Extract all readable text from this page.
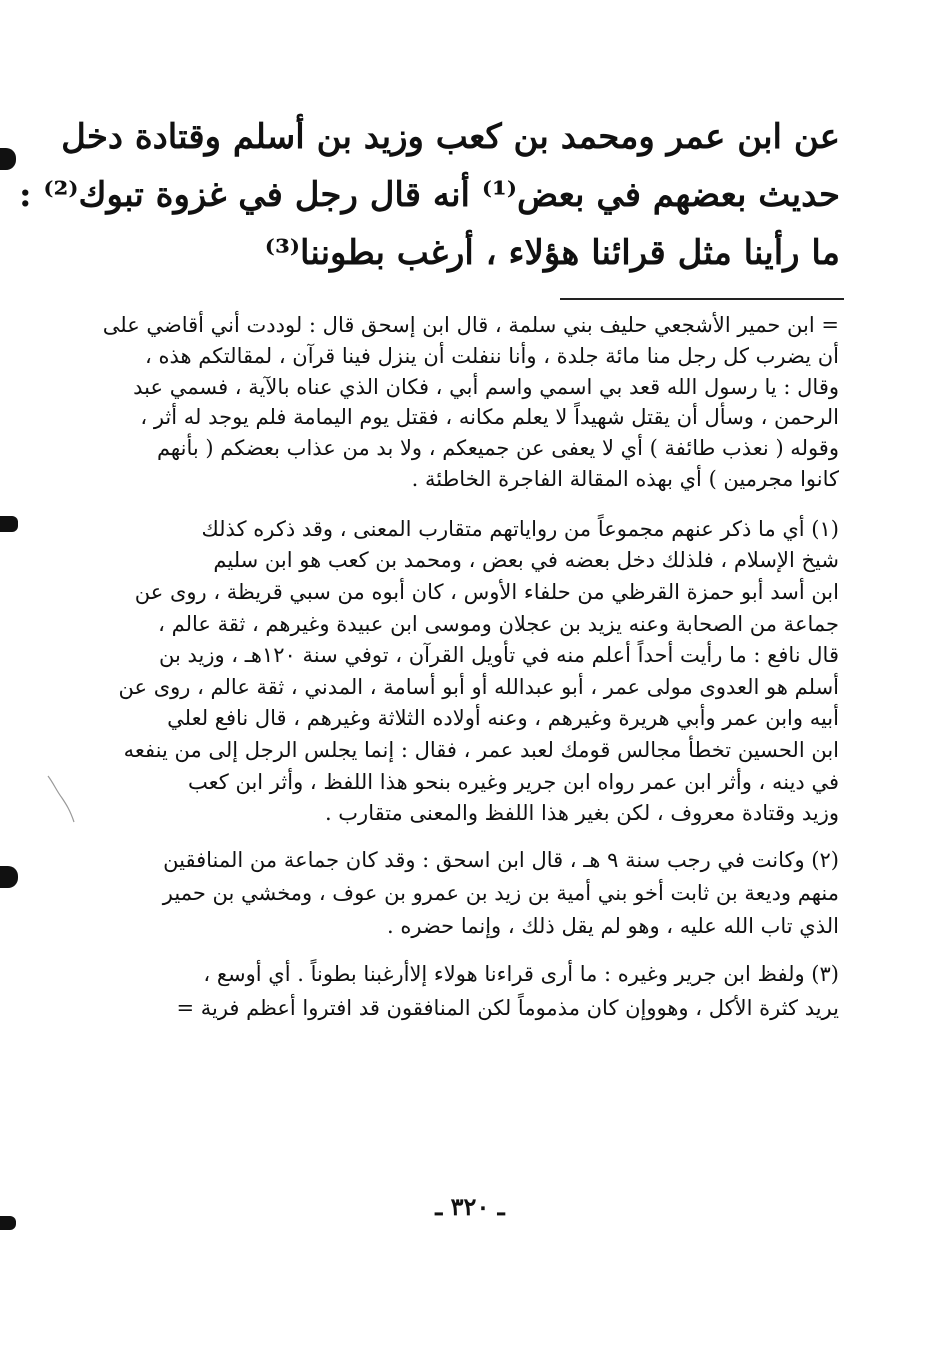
عن ابن عمر ومحمد بن كعب وزيد بن أسلم وقتادة دخل
حديث بعضهم في بعض⁽¹⁾ أنه قال رجل في غزوة تبوك⁽²⁾ :
ما رأينا مثل قرائنا هؤلاء ، أرغب بطوننا⁽³⁾
= ابن حمير الأشجعي حليف بني سلمة ، قال ابن إسحق قال : لوددت أني أقاضي على
أن يضرب كل رجل منا مائة جلدة ، وأنا ننفلت أن ينزل فينا قرآن ، لمقالتكم هذه ،
وقال : يا رسول الله قعد بي اسمي واسم أبي ، فكان الذي عناه بالآية ، فسمي عبد
الرحمن ، وسأل أن يقتل شهيداً لا يعلم مكانه ، فقتل يوم اليمامة فلم يوجد له أثر ،
وقوله ( نعذب طائفة ) أي لا يعفى عن جميعكم ، ولا بد من عذاب بعضكم ( بأنهم
كانوا مجرمين ) أي بهذه المقالة الفاجرة الخاطئة .
(١) أي ما ذكر عنهم مجموعاً من رواياتهم متقارب المعنى ، وقد ذكره كذلك
شيخ الإسلام ، فلذلك دخل بعضه في بعض ، ومحمد بن كعب هو ابن سليم
ابن أسد أبو حمزة القرظي من حلفاء الأوس ، كان أبوه من سبي قريظة ، روى عن
جماعة من الصحابة وعنه يزيد بن عجلان وموسى ابن عبيدة وغيرهم ، ثقة عالم ،
قال نافع : ما رأيت أحداً أعلم منه في تأويل القرآن ، توفي سنة ١٢٠هـ ، وزيد بن
أسلم هو العدوى مولى عمر ، أبو عبدالله أو أبو أسامة ، المدني ، ثقة عالم ، روى عن
أبيه وابن عمر وأبي هريرة وغيرهم ، وعنه أولاده الثلاثة وغيرهم ، قال نافع لعلي
ابن الحسين تخطأ مجالس قومك لعبد عمر ، فقال : إنما يجلس الرجل إلى من ينفعه
في دينه ، وأثر ابن عمر رواه ابن جرير وغيره بنحو هذا اللفظ ، وأثر ابن كعب
وزيد وقتادة معروف ، لكن بغير هذا اللفظ والمعنى متقارب .
(٢) وكانت في رجب سنة ٩ هـ ، قال ابن اسحق : وقد كان جماعة من المنافقين
منهم وديعة بن ثابت أخو بني أمية بن زيد بن عمرو بن عوف ، ومخشي بن حمير
الذي تاب الله عليه ، وهو لم يقل ذلك ، وإنما حضره .
(٣) ولفظ ابن جرير وغيره : ما أرى قراءنا هولاء إلاأرغبنا بطوناً . أي أوسع ،
يريد كثرة الأكل ، وهووإن كان مذموماً لكن المنافقون قد افتروا أعظم فرية =
ـ ٣٢٠ ـ
